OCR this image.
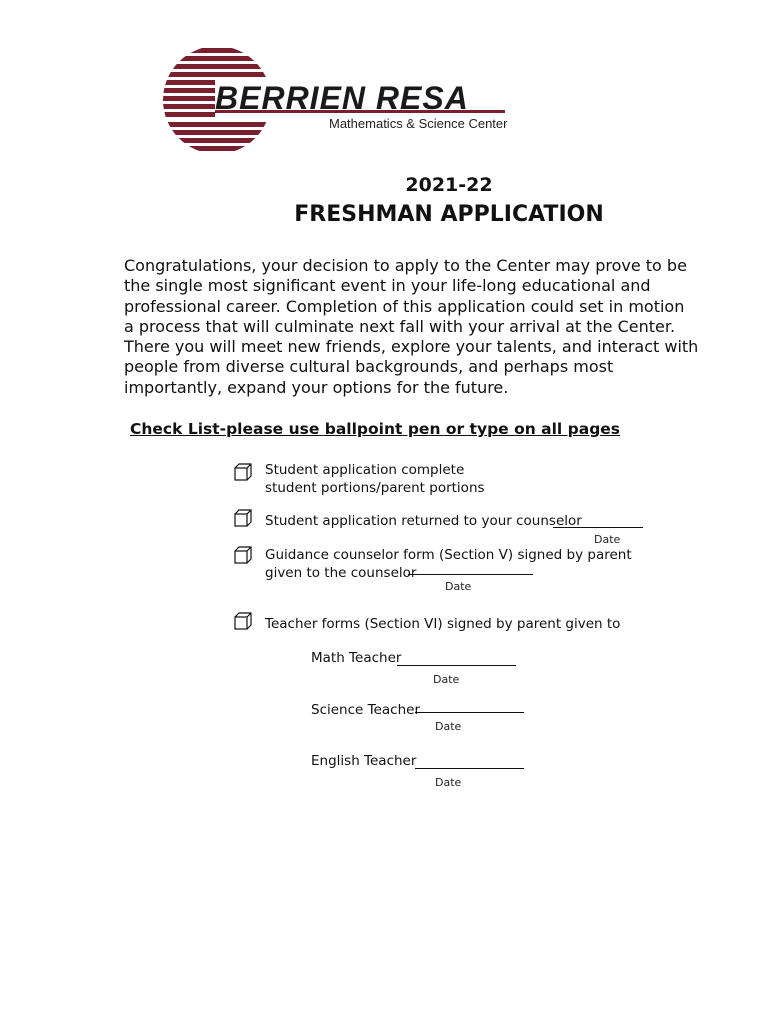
BERRIEN RESA
Mathematics & Science Center
2021-22
FRESHMAN APPLICATION
Congratulations, your decision to apply to the Center may prove to be
the single most significant event in your life-long educational and
professional career. Completion of this application could set in motion
a process that will culminate next fall with your arrival at the Center.
There you will meet new friends, explore your talents, and interact with
people from diverse cultural backgrounds, and perhaps most
importantly, expand your options for the future.
Check List-please use ballpoint pen or type on all pages
Student application complete
student portions/parent portions
Student application returned to your counselor
Date
Guidance counselor form (Section V) signed by parent
given to the counselor
Date
Teacher forms (Section VI) signed by parent given to
Math Teacher
Date
Science Teacher
Date
English Teacher
Date
